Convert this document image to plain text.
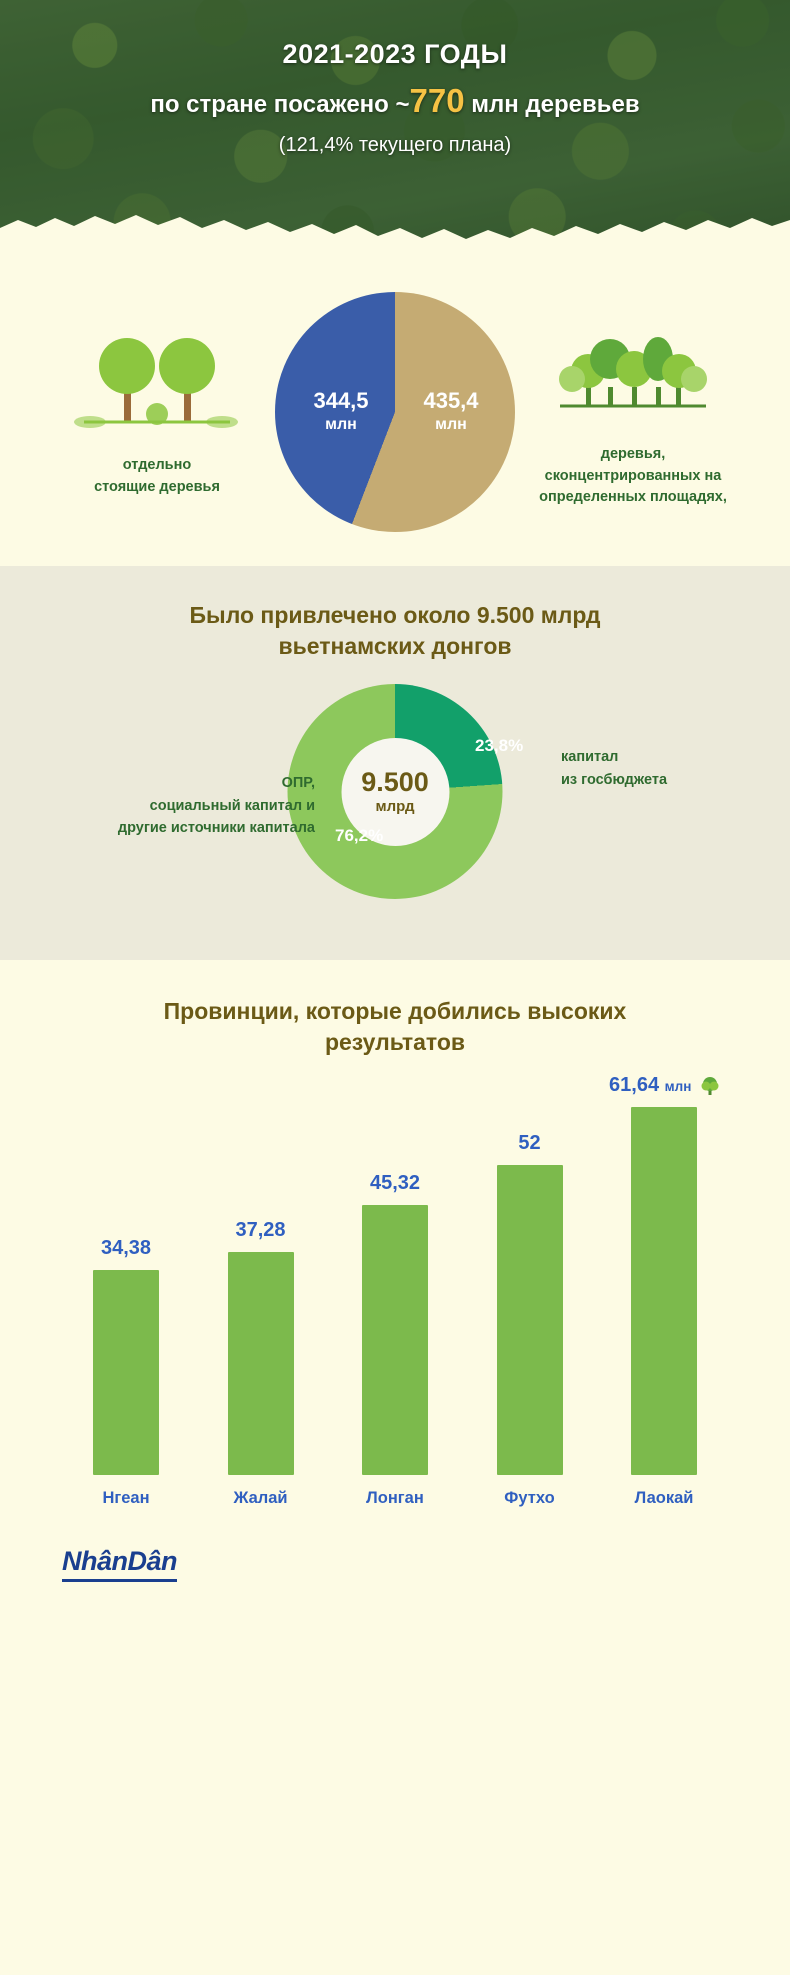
2021-2023 ГОДЫ
по стране посажено ~770 млн деревьев
(121,4% текущего плана)
отдельно
стоящие деревья
344,5
млн
435,4
млн
деревья,
сконцентрированных на
определенных площадях,
Было привлечено около 9.500 млрд
вьетнамских донгов
9.500
млрд
23,8%
76,2%
капитал
из госбюджета
ОПР,
социальный капитал и
другие источники капитала
Провинции, которые добились высоких
результатов
34,38
Нгеан
37,28
Жалай
45,32
Лонган
52
Футхо
61,64 млн
Лаокай
NhânDân
